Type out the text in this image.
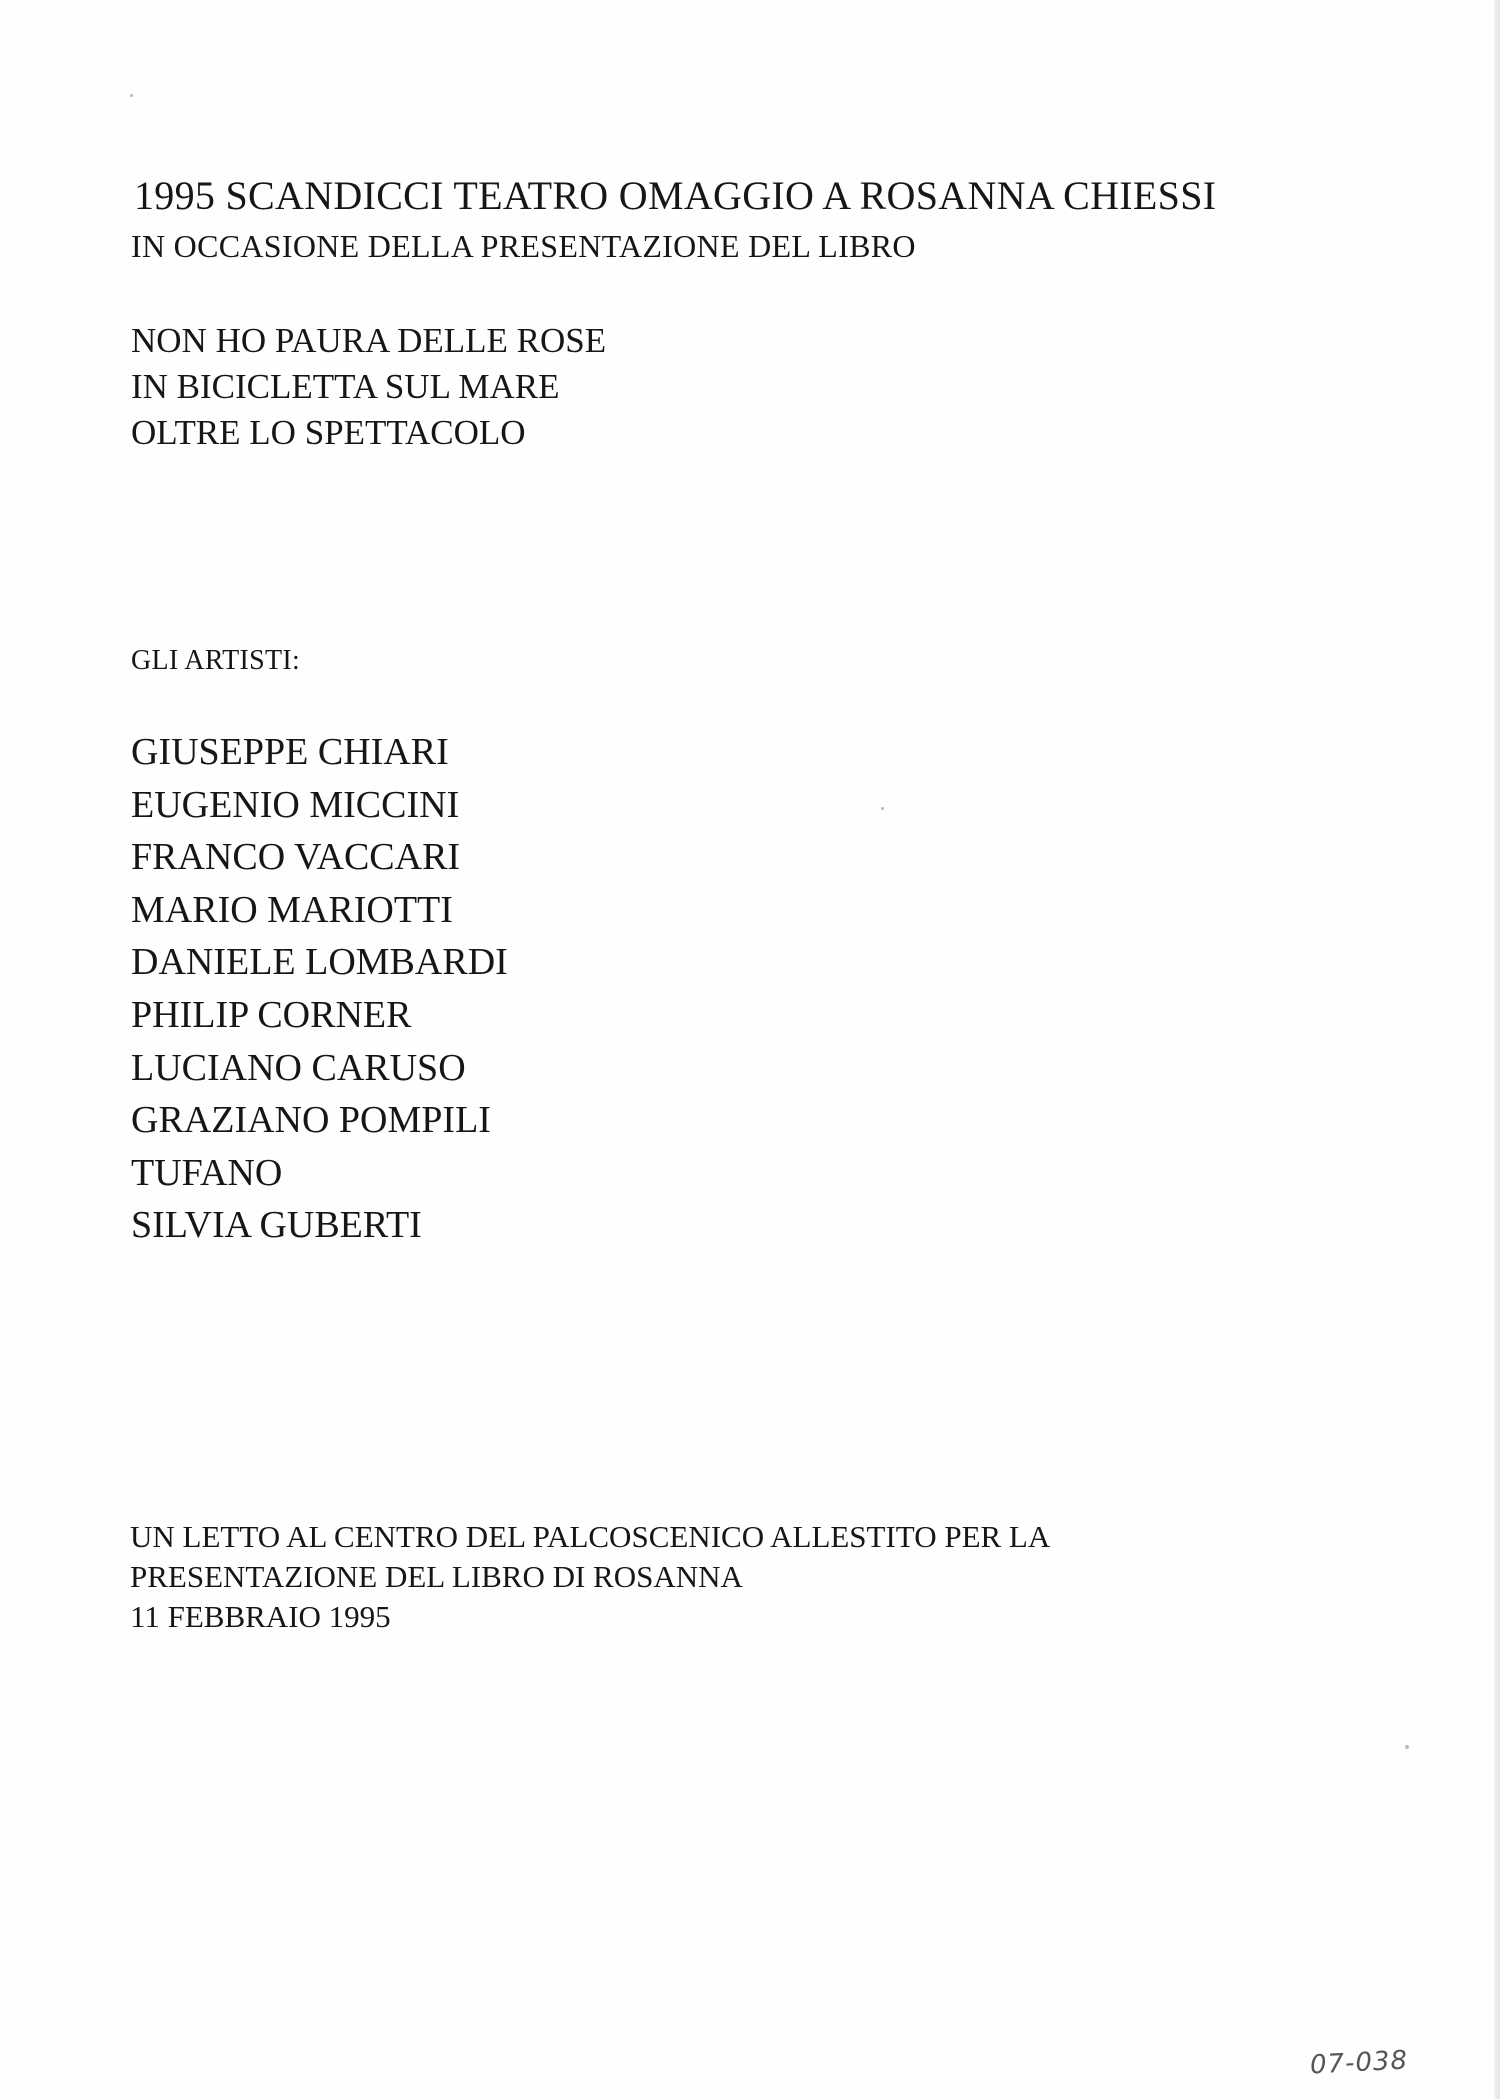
1995 SCANDICCI TEATRO OMAGGIO A ROSANNA CHIESSI
IN OCCASIONE DELLA PRESENTAZIONE DEL LIBRO
NON HO PAURA DELLE ROSE
IN BICICLETTA SUL MARE
OLTRE LO SPETTACOLO
GLI ARTISTI:
GIUSEPPE CHIARI
EUGENIO MICCINI
FRANCO VACCARI
MARIO MARIOTTI
DANIELE LOMBARDI
PHILIP CORNER
LUCIANO CARUSO
GRAZIANO POMPILI
TUFANO
SILVIA GUBERTI
UN LETTO AL CENTRO DEL PALCOSCENICO ALLESTITO PER LA
PRESENTAZIONE DEL LIBRO DI ROSANNA
11 FEBBRAIO 1995
07-038
